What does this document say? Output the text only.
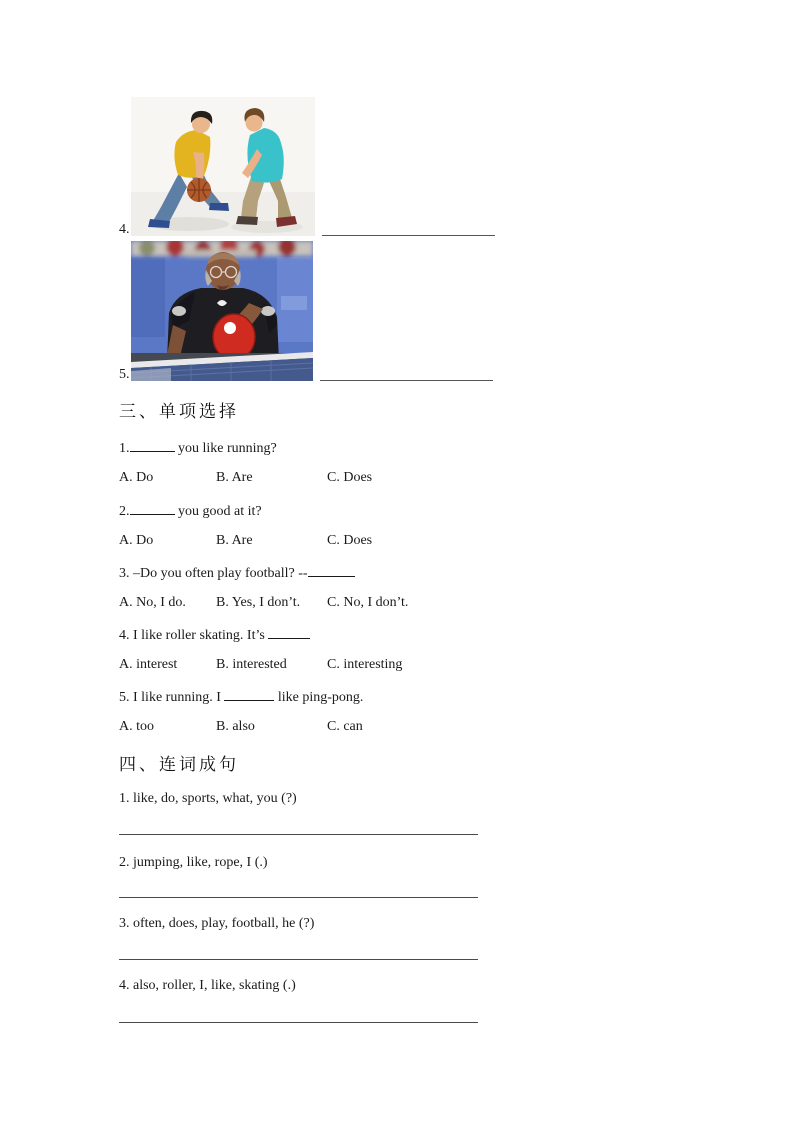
4.
5.
三、单项选择
1.	you like running?
A. Do	B. Are	C. Does
2.	you good at it?
A. Do	B. Are	C. Does
3. –Do you often play football? --
A. No, I do. B. Yes, I don’t. C. No, I don’t.
4. I like roller skating. It’s
A. interest	B. interested	C. interesting
5. I like running. I	like ping-pong.
A. too	B. also	C. can
四、连词成句
1. like, do, sports, what, you (?)
2. jumping, like, rope, I (.)
3. often, does, play, football, he (?)
4. also, roller, I, like, skating (.)
